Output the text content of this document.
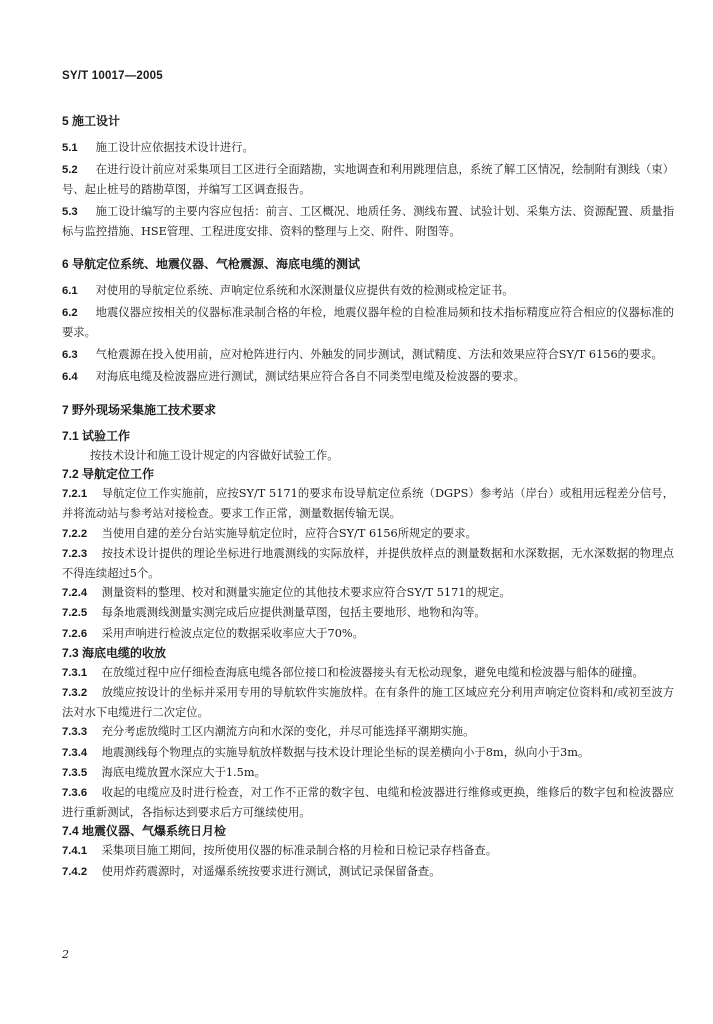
SY/T 10017—2005

5 施工设计

5.1 施工设计应依据技术设计进行。

5.2 在进行设计前应对采集项目工区进行全面踏勘，实地调查和利用跳理信息，系统了解工区情况，绘制附有测线（束）号、起止桩号的踏勘草图，并编写工区调查报告。

5.3 施工设计编写的主要内容应包括：前言、工区概况、地质任务、测线布置、试验计划、采集方法、资源配置、质量指标与监控措施、HSE管理、工程进度安排、资料的整理与上交、附件、附图等。

6 导航定位系统、地震仪器、气枪震源、海底电缆的测试

6.1 对使用的导航定位系统、声响定位系统和水深测量仪应提供有效的检测或检定证书。

6.2 地震仪器应按相关的仪器标准录制合格的年检，地震仪器年检的自检准局频和技术指标精度应符合相应的仪器标准的要求。

6.3 气枪震源在投入使用前，应对枪阵进行内、外触发的同步测试，测试精度、方法和效果应符合SY/T 6156的要求。

6.4 对海底电缆及检波器应进行测试，测试结果应符合各自不同类型电缆及检波器的要求。

7 野外现场采集施工技术要求

7.1 试验工作

按技术设计和施工设计规定的内容做好试验工作。

7.2 导航定位工作

7.2.1 导航定位工作实施前，应按SY/T 5171的要求布设导航定位系统（DGPS）参考站（岸台）或租用远程差分信号，并将流动站与参考站对接检查。要求工作正常，测量数据传输无误。

7.2.2 当使用自建的差分台站实施导航定位时，应符合SY/T 6156所规定的要求。

7.2.3 按技术设计提供的理论坐标进行地震测线的实际放样，并提供放样点的测量数据和水深数据，无水深数据的物理点不得连续超过5个。

7.2.4 测量资料的整理、校对和测量实施定位的其他技术要求应符合SY/T 5171的规定。

7.2.5 每条地震测线测量实测完成后应提供测量草图，包括主要地形、地物和沟等。

7.2.6 采用声响进行检波点定位的数据采收率应大于70%。

7.3 海底电缆的收放

7.3.1 在放缆过程中应仔细检查海底电缆各部位接口和检波器接头有无松动现象，避免电缆和检波器与船体的碰撞。

7.3.2 放缆应按设计的坐标并采用专用的导航软件实施放样。在有条件的施工区域应充分利用声响定位资料和/或初至波方法对水下电缆进行二次定位。

7.3.3 充分考虑放缆时工区内潮流方向和水深的变化，并尽可能选择平潮期实施。

7.3.4 地震测线每个物理点的实施导航放样数据与技术设计理论坐标的误差横向小于8m，纵向小于3m。

7.3.5 海底电缆放置水深应大于1.5m。

7.3.6 收起的电缆应及时进行检查，对工作不正常的数字包、电缆和检波器进行维修或更换，维修后的数字包和检波器应进行重新测试，各指标达到要求后方可继续使用。

7.4 地震仪器、气爆系统日月检

7.4.1 采集项目施工期间，按所使用仪器的标准录制合格的月检和日检记录存档备查。

7.4.2 使用炸药震源时，对遥爆系统按要求进行测试，测试记录保留备查。

2
